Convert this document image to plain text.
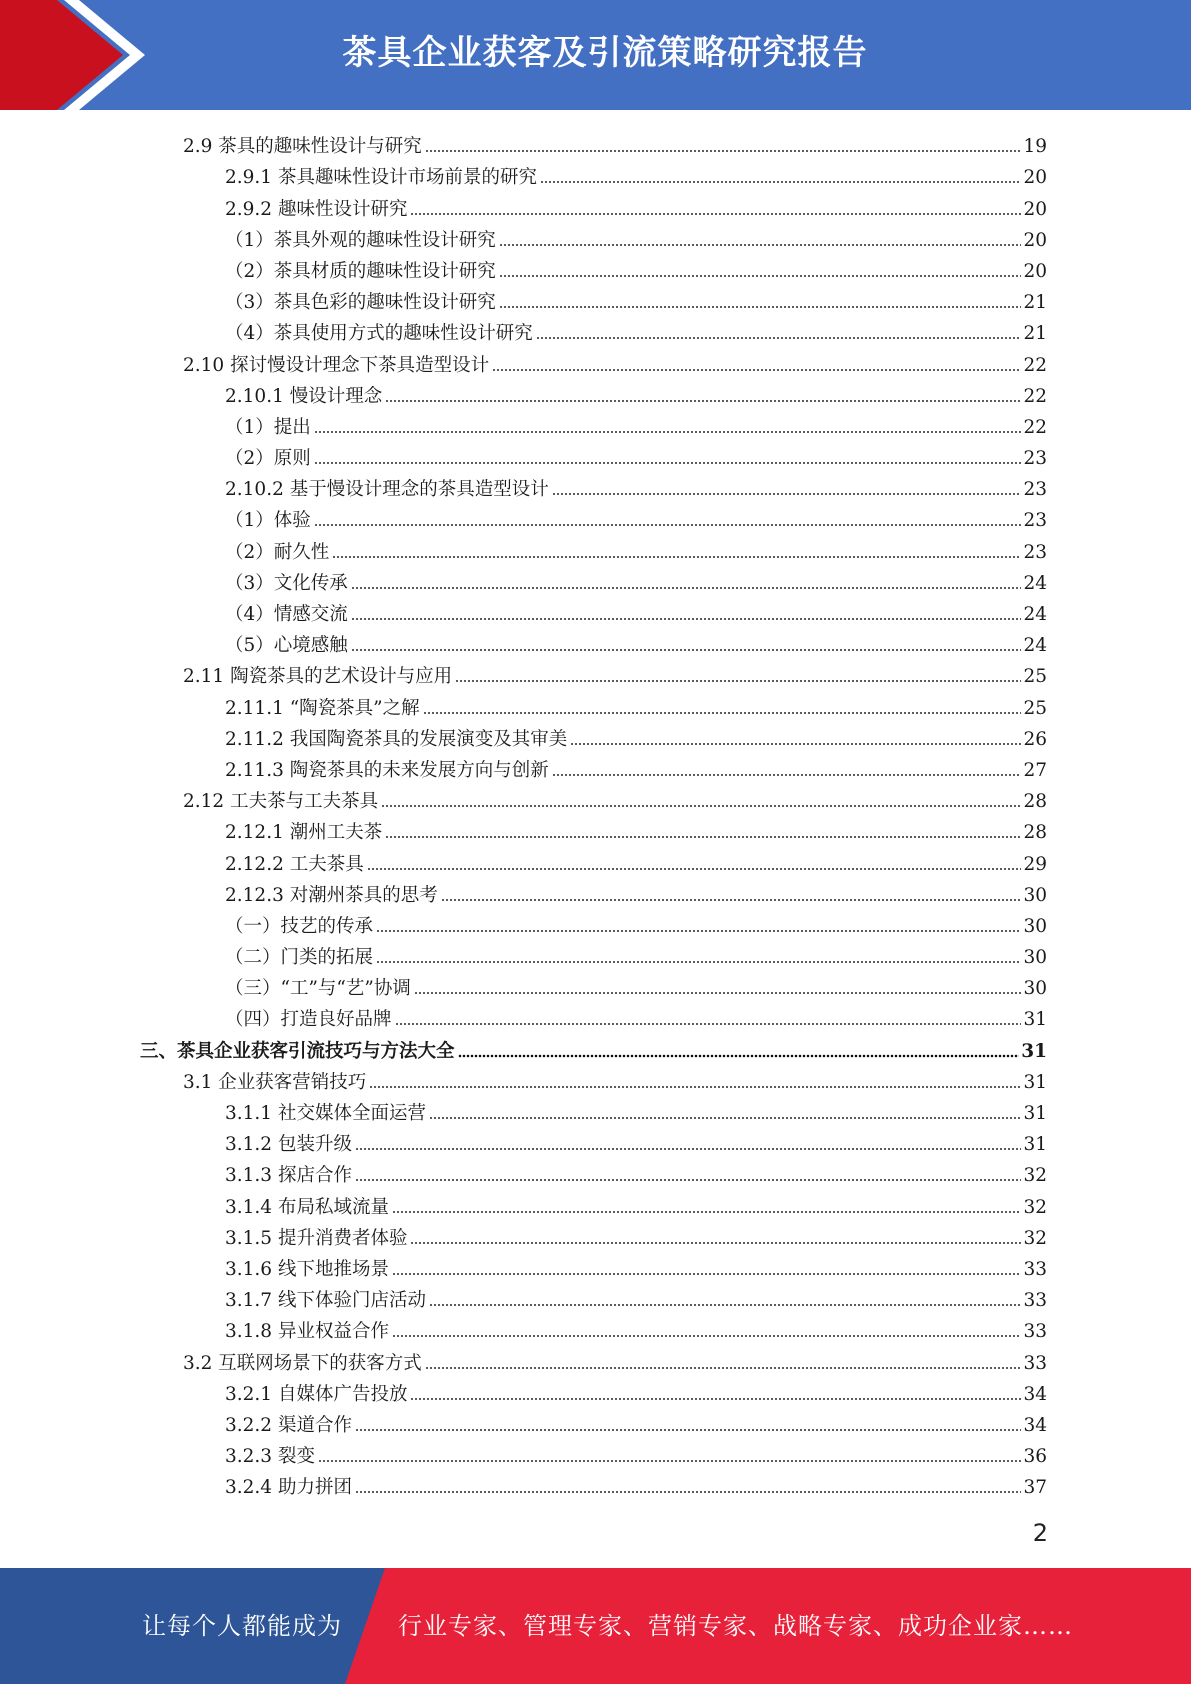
茶具企业获客及引流策略研究报告
2.9 茶具的趣味性设计与研究	19
2.9.1 茶具趣味性设计市场前景的研究	20
2.9.2 趣味性设计研究	20
（1）茶具外观的趣味性设计研究	20
（2）茶具材质的趣味性设计研究	20
（3）茶具色彩的趣味性设计研究	21
（4）茶具使用方式的趣味性设计研究	21
2.10 探讨慢设计理念下茶具造型设计	22
2.10.1 慢设计理念	22
（1）提出	22
（2）原则	23
2.10.2 基于慢设计理念的茶具造型设计	23
（1）体验	23
（2）耐久性	23
（3）文化传承	24
（4）情感交流	24
（5）心境感触	24
2.11 陶瓷茶具的艺术设计与应用	25
2.11.1 “陶瓷茶具”之解	25
2.11.2 我国陶瓷茶具的发展演变及其审美	26
2.11.3 陶瓷茶具的未来发展方向与创新	27
2.12 工夫茶与工夫茶具	28
2.12.1 潮州工夫茶	28
2.12.2 工夫茶具	29
2.12.3 对潮州茶具的思考	30
（一）技艺的传承	30
（二）门类的拓展	30
（三）“工”与“艺”协调	30
（四）打造良好品牌	31
三、茶具企业获客引流技巧与方法大全	31
3.1 企业获客营销技巧	31
3.1.1 社交媒体全面运营	31
3.1.2 包装升级	31
3.1.3 探店合作	32
3.1.4 布局私域流量	32
3.1.5 提升消费者体验	32
3.1.6 线下地推场景	33
3.1.7 线下体验门店活动	33
3.1.8 异业权益合作	33
3.2 互联网场景下的获客方式	33
3.2.1 自媒体广告投放	34
3.2.2 渠道合作	34
3.2.3 裂变	36
3.2.4 助力拼团	37
2
让每个人都能成为 行业专家、管理专家、营销专家、战略专家、成功企业家……
